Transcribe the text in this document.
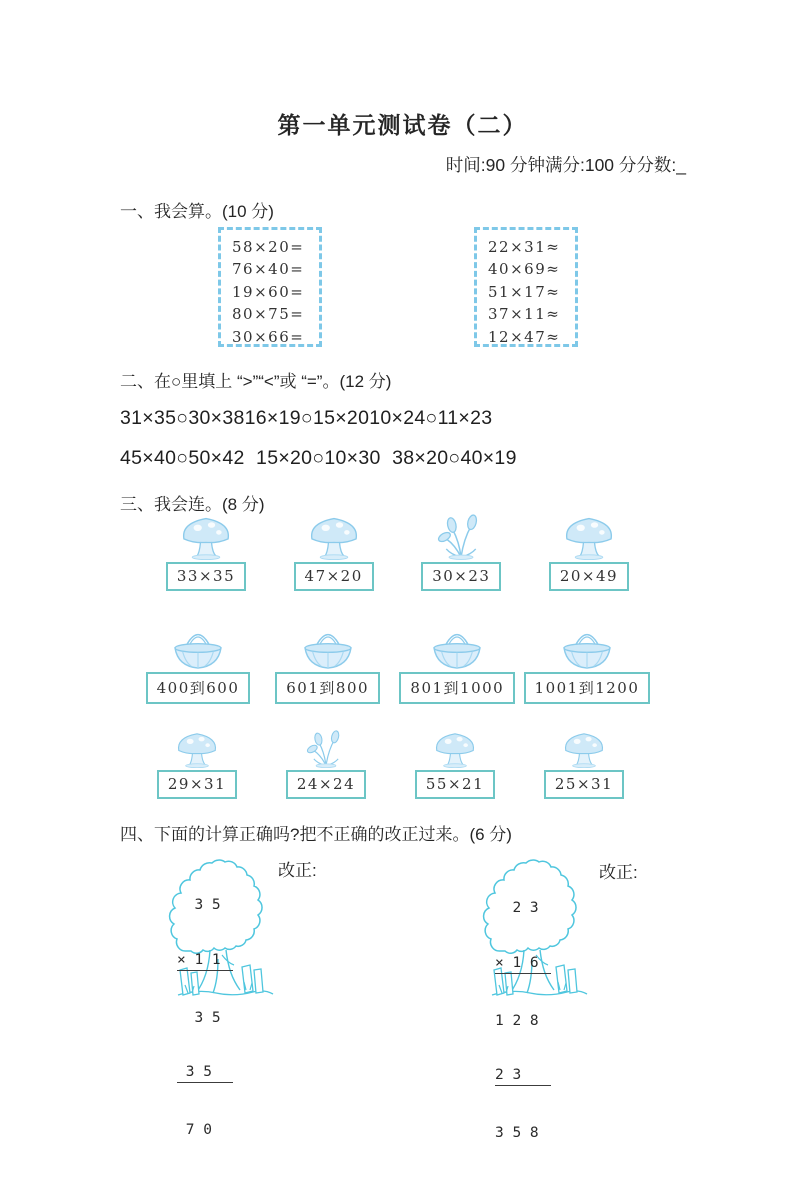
第一单元测试卷（二）
时间:90 分钟满分:100 分分数:_
一、我会算。(10 分)
58×20=
76×40=
19×60=
80×75=
30×66=
22×31≈
40×69≈
51×17≈
37×11≈
12×47≈
二、在○里填上 “>”“<”或 “=”。(12 分)
31×35○30×3816×19○15×2010×24○11×23
45×40○50×42  15×20○10×30  38×20○40×19
三、我会连。(8 分)
33×35	47×20	30×23	20×49
400到600	601到800	801到1000	1001到1200
29×31	24×24	55×21	25×31
四、下面的计算正确吗?把不正确的改正过来。(6 分)

3 5

× 1 1

3 5

3 5

7 0

改正:

2 3

× 1 6

1 2 8

2 3

3 5 8

改正:
